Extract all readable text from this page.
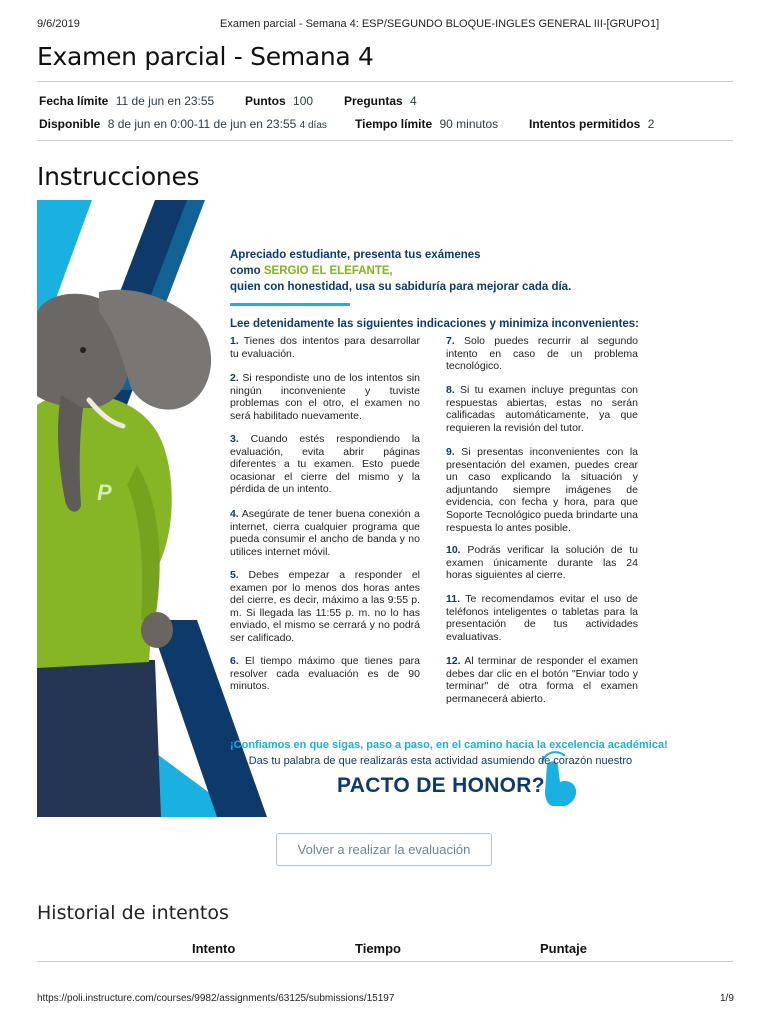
9/6/2019	Examen parcial - Semana 4: ESP/SEGUNDO BLOQUE-INGLES GENERAL III-[GRUPO1]
Examen parcial - Semana 4
Fecha límite 11 de jun en 23:55	Puntos 100	Preguntas 4
Disponible 8 de jun en 0:00-11 de jun en 23:55 4 días Tiempo límite 90 minutos	Intentos permitidos 2
Instrucciones
P
Apreciado estudiante, presenta tus exámenes
como SERGIO EL ELEFANTE,
quien con honestidad, usa su sabiduría para mejorar cada día.
Lee detenidamente las siguientes indicaciones y minimiza inconvenientes:
1. Tienes dos intentos para desarrollar tu evaluación.
2. Si respondiste uno de los intentos sin ningún inconveniente y tuviste problemas con el otro, el examen no será habilitado nuevamente.
3. Cuando estés respondiendo la evaluación, evita abrir páginas diferentes a tu examen. Esto puede ocasionar el cierre del mismo y la pérdida de un intento.
4. Asegúrate de tener buena conexión a internet, cierra cualquier programa que pueda consumir el ancho de banda y no utilices internet móvil.
5. Debes empezar a responder el examen por lo menos dos horas antes del cierre, es decir, máximo a las 9:55 p. m. Si llegada las 11:55 p. m. no lo has enviado, el mismo se cerrará y no podrá ser calificado.
6. El tiempo máximo que tienes para resolver cada evaluación es de 90 minutos.
7. Solo puedes recurrir al segundo intento en caso de un problema tecnológico.
8. Si tu examen incluye preguntas con respuestas abiertas, estas no serán calificadas automáticamente, ya que requieren la revisión del tutor.
9. Si presentas inconvenientes con la presentación del examen, puedes crear un caso explicando la situación y adjuntando siempre imágenes de evidencia, con fecha y hora, para que Soporte Tecnológico pueda brindarte una respuesta lo antes posible.
10. Podrás verificar la solución de tu examen únicamente durante las 24 horas siguientes al cierre.
11. Te recomendamos evitar el uso de teléfonos inteligentes o tabletas para la presentación de tus actividades evaluativas.
12. Al terminar de responder el examen debes dar clic en el botón "Enviar todo y terminar" de otra forma el examen permanecerá abierto.
¡Confiamos en que sigas, paso a paso, en el camino hacia la excelencia académica!
¿Das tu palabra de que realizarás esta actividad asumiendo de corazón nuestro
PACTO DE HONOR?
Volver a realizar la evaluación
Historial de intentos
Intento	Tiempo	Puntaje
https://poli.instructure.com/courses/9982/assignments/63125/submissions/15197	1/9
